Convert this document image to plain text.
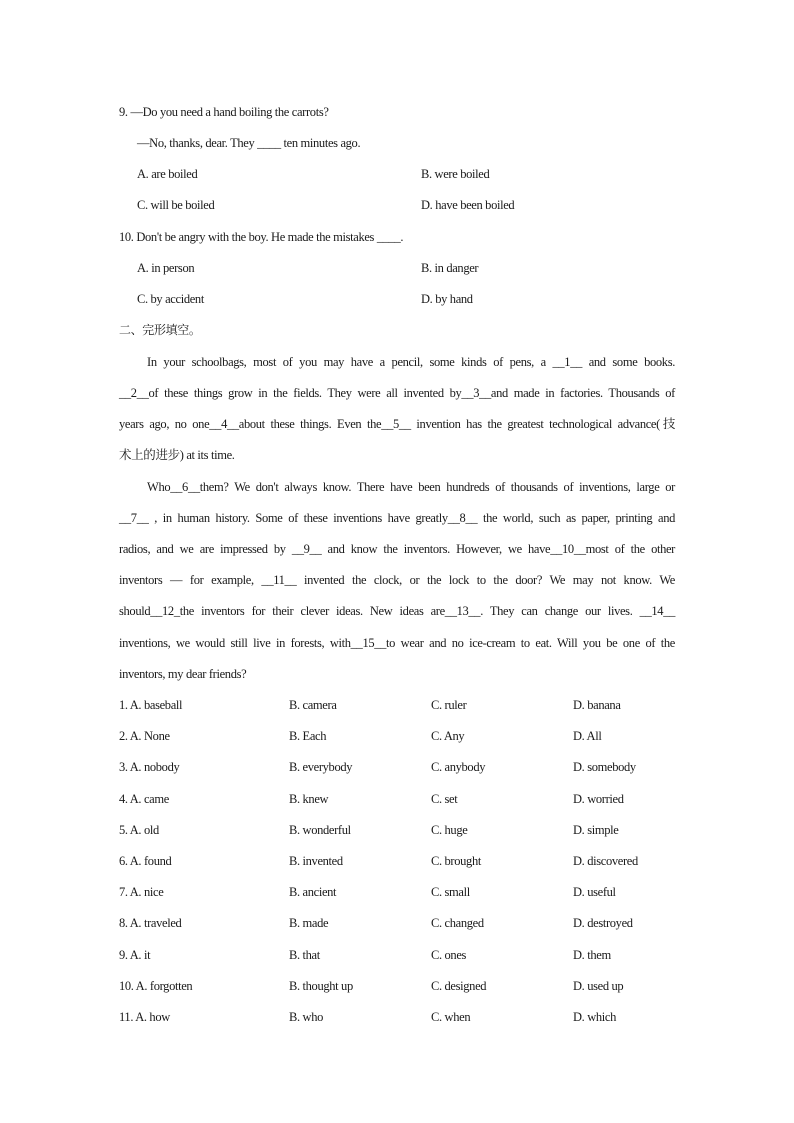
9. —Do you need a hand boiling the carrots?
—No, thanks, dear. They ____ ten minutes ago.
A. are boiled	B. were boiled
C. will be boiled	D. have been boiled
10. Don't be angry with the boy. He made the mistakes ____.
A. in person	B. in danger
C. by accident	D. by hand
二、完形填空。
In your schoolbags, most of you may have a pencil, some kinds of pens, a __1__ and some books.
__2__of these things grow in the fields. They were all invented by__3__and made in factories. Thousands of
years ago, no one__4__about these things. Even the__5__ invention has the greatest technological advance(技
术上的进步) at its time.
Who__6__them? We don't always know. There have been hundreds of thousands of inventions, large or
__7__ , in human history. Some of these inventions have greatly__8__ the world, such as paper, printing and
radios, and we are impressed by __9__ and know the inventors. However, we have__10__most of the other
inventors — for example, __11__ invented the clock, or the lock to the door? We may not know. We
should__12_the inventors for their clever ideas. New ideas are__13__. They can change our lives. __14__
inventions, we would still live in forests, with__15__to wear and no ice-cream to eat. Will you be one of the
inventors, my dear friends?
1. A. baseball	B. camera	C. ruler	D. banana
2. A. None	B. Each	C. Any	D. All
3. A. nobody	B. everybody	C. anybody	D. somebody
4. A. came	B. knew	C. set	D. worried
5. A. old	B. wonderful	C. huge	D. simple
6. A. found	B. invented	C. brought	D. discovered
7. A. nice	B. ancient	C. small	D. useful
8. A. traveled	B. made	C. changed	D. destroyed
9. A. it	B. that	C. ones	D. them
10. A. forgotten	B. thought up	C. designed	D. used up
11. A. how	B. who	C. when	D. which
